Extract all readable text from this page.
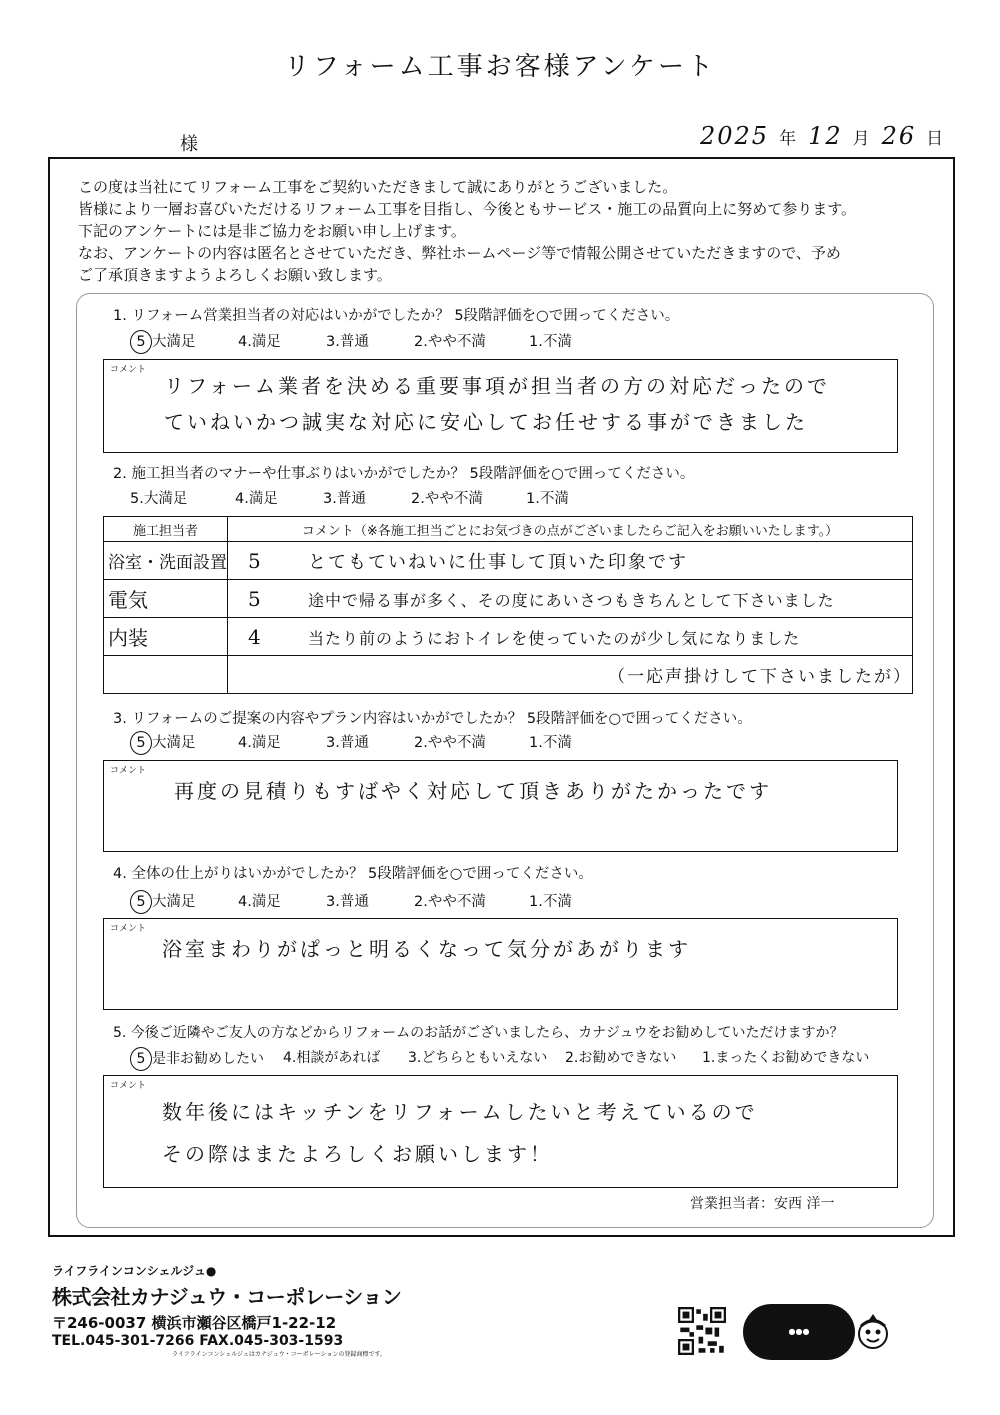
リフォーム工事お客様アンケート
様	2025 年 12 月 26 日
この度は当社にてリフォーム工事をご契約いただきまして誠にありがとうございました。
皆様により一層お喜びいただけるリフォーム工事を目指し、今後ともサービス・施工の品質向上に努めて参ります。
下記のアンケートには是非ご協力をお願い申し上げます。
なお、アンケートの内容は匿名とさせていただき、弊社ホームページ等で情報公開させていただきますので、予め
ご了承頂きますようよろしくお願い致します。
1. リフォーム営業担当者の対応はいかがでしたか？ 5段階評価を○で囲ってください。
5 大満足	4.満足	3.普通	2.やや不満	1.不満
コメント
リフォーム業者を決める重要事項が担当者の方の対応だったので
ていねいかつ誠実な対応に安心してお任せする事ができました
2. 施工担当者のマナーや仕事ぶりはいかがでしたか？ 5段階評価を○で囲ってください。
5.大満足	4.満足	3.普通	2.やや不満	1.不満
施工担当者	コメント（※各施工担当ごとにお気づきの点がございましたらご記入をお願いいたします。）
浴室・洗面設置	5 とてもていねいに仕事して頂いた印象です
電気	5 途中で帰る事が多く、その度にあいさつもきちんとして下さいました
内装	4 当たり前のようにおトイレを使っていたのが少し気になりました
	（一応声掛けして下さいましたが）
3. リフォームのご提案の内容やプラン内容はいかがでしたか？ 5段階評価を○で囲ってください。
5 大満足	4.満足	3.普通	2.やや不満	1.不満
コメント
再度の見積りもすばやく対応して頂きありがたかったです
4. 全体の仕上がりはいかがでしたか？ 5段階評価を○で囲ってください。
5 大満足	4.満足	3.普通	2.やや不満	1.不満
コメント
浴室まわりがぱっと明るくなって気分があがります
5. 今後ご近隣やご友人の方などからリフォームのお話がございましたら、カナジュウをお勧めしていただけますか？
5 是非お勧めしたい	4.相談があれば	3.どちらともいえない	2.お勧めできない	1.まったくお勧めできない
コメント
数年後にはキッチンをリフォームしたいと考えているので
その際はまたよろしくお願いします！
営業担当者：安西 洋一
ライフラインコンシェルジュ●
株式会社カナジュウ・コーポレーション
〒246-0037 横浜市瀬谷区橋戸1-22-12
TEL.045-301-7266 FAX.045-303-1593
ライフラインコンシェルジュはカナジュウ・コーポレーションの登録商標です。
●●●
